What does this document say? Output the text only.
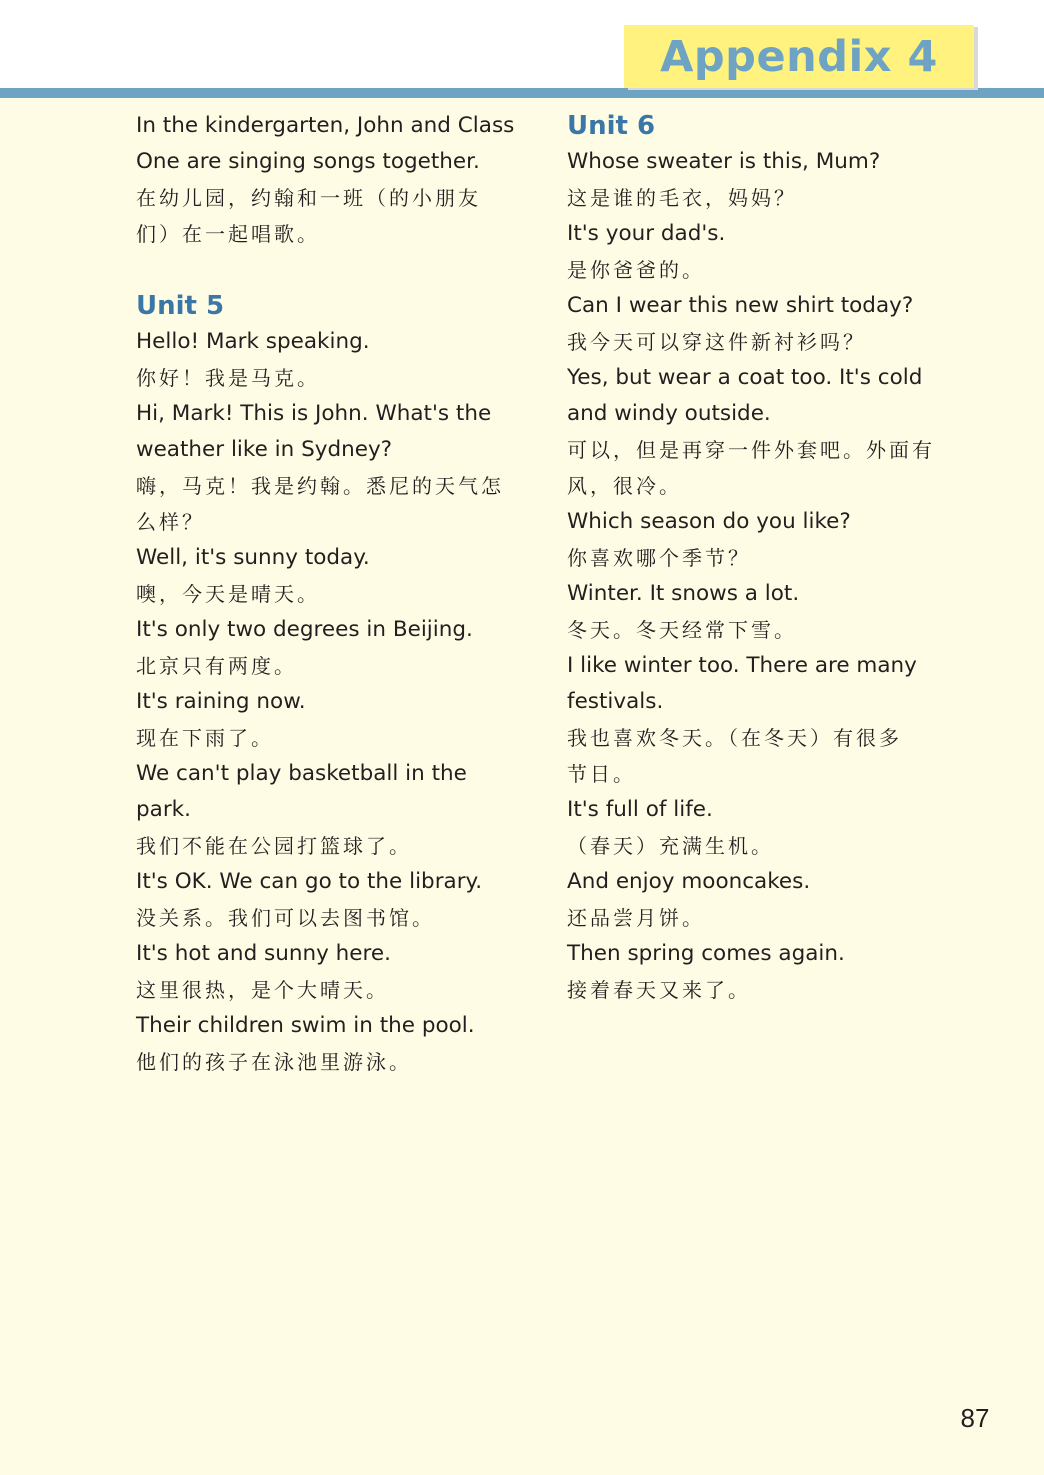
Appendix 4
In the kindergarten, John and Class
One are singing songs together.
在幼儿园，约翰和一班（的小朋友
们）在一起唱歌。
Unit 5
Hello! Mark speaking.
你好！我是马克。
Hi, Mark! This is John. What's the
weather like in Sydney?
嗨，马克！我是约翰。悉尼的天气怎
么样？
Well, it's sunny today.
噢，今天是晴天。
It's only two degrees in Beijing.
北京只有两度。
It's raining now.
现在下雨了。
We can't play basketball in the
park.
我们不能在公园打篮球了。
It's OK. We can go to the library.
没关系。我们可以去图书馆。
It's hot and sunny here.
这里很热，是个大晴天。
Their children swim in the pool.
他们的孩子在泳池里游泳。
Unit 6
Whose sweater is this, Mum?
这是谁的毛衣，妈妈？
It's your dad's.
是你爸爸的。
Can I wear this new shirt today?
我今天可以穿这件新衬衫吗？
Yes, but wear a coat too. It's cold
and windy outside.
可以，但是再穿一件外套吧。外面有
风，很冷。
Which season do you like?
你喜欢哪个季节？
Winter. It snows a lot.
冬天。冬天经常下雪。
I like winter too. There are many
festivals.
我也喜欢冬天。（在冬天）有很多
节日。
It's full of life.
（春天）充满生机。
And enjoy mooncakes.
还品尝月饼。
Then spring comes again.
接着春天又来了。
87
